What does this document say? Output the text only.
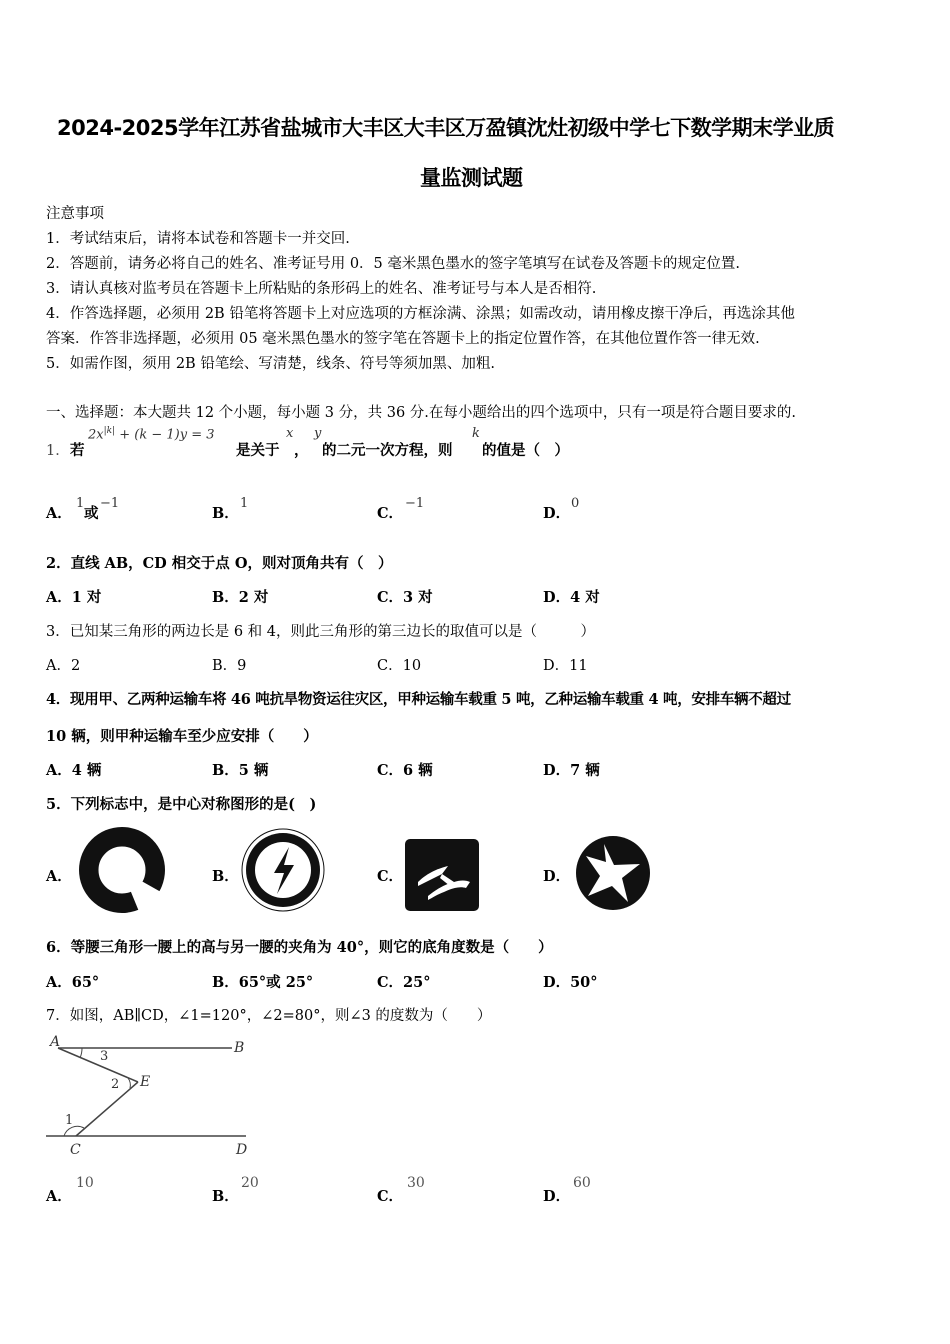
2024-2025学年江苏省盐城市大丰区大丰区万盈镇沈灶初级中学七下数学期末学业质
量监测试题
注意事项
1．考试结束后，请将本试卷和答题卡一并交回.
2．答题前，请务必将自己的姓名、准考证号用 0．5 毫米黑色墨水的签字笔填写在试卷及答题卡的规定位置.
3．请认真核对监考员在答题卡上所粘贴的条形码上的姓名、准考证号与本人是否相符.
4．作答选择题，必须用 2B 铅笔将答题卡上对应选项的方框涂满、涂黑；如需改动，请用橡皮擦干净后，再选涂其他
答案．作答非选择题，必须用 05 毫米黑色墨水的签字笔在答题卡上的指定位置作答，在其他位置作答一律无效.
5．如需作图，须用 2B 铅笔绘、写清楚，线条、符号等须加黑、加粗.
一、选择题：本大题共 12 个小题，每小题 3 分，共 36 分.在每小题给出的四个选项中，只有一项是符合题目要求的.
1． 若
$2x^{|k|} + (k - 1)y = 3$
是关于
x
，
y
的二元一次方程，则
k
的值是（　）
A．
1
或
−1
B．
1
C．
−1
D．
0
2．直线 AB，CD 相交于点 O，则对顶角共有（　）
A．1 对	B．2 对	C．3 对	D．4 对
3．已知某三角形的两边长是 6 和 4，则此三角形的第三边长的取值可以是（　　　）
A．2	B．9	C．10	D．11
4．现用甲、乙两种运输车将 46 吨抗旱物资运往灾区，甲种运输车载重 5 吨，乙种运输车载重 4 吨，安排车辆不超过
10 辆，则甲种运输车至少应安排（　　）
A．4 辆	B．5 辆	C．6 辆	D．7 辆
5．下列标志中，是中心对称图形的是(　)
A．	B．	C．	D．
6．等腰三角形一腰上的高与另一腰的夹角为 40°，则它的底角度数是（　　）
A．65°	B．65°或 25°	C．25°	D．50°
7．如图，AB∥CD，∠1=120°，∠2=80°，则∠3 的度数为（　　）
A	B
E
C	D
3
2
1
A．
10
B．
20
C．
30
D．
60
